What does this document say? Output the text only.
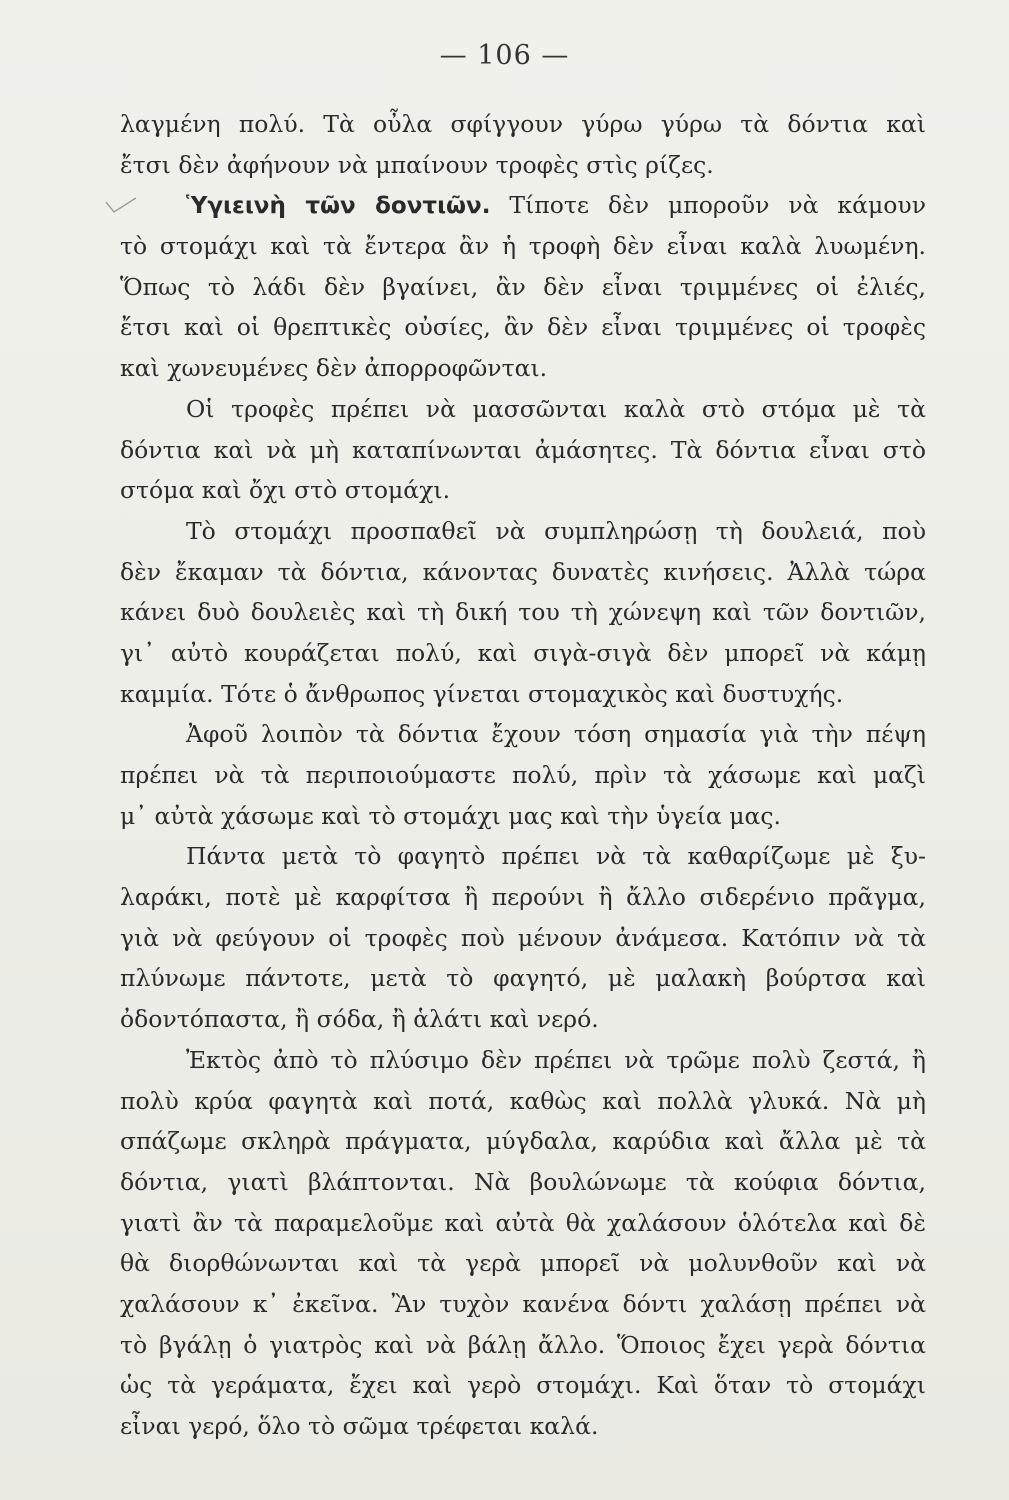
— 106 —
λαγμένη πολύ. Τὰ οὖλα σφίγγουν γύρω γύρω τὰ δόντια καὶ
ἔτσι δὲν ἀφήνουν νὰ μπαίνουν τροφὲς στὶς ρίζες.
Ὑγιεινὴ τῶν δοντιῶν. Τίποτε δὲν μποροῦν νὰ κάμουν
τὸ στομάχι καὶ τὰ ἔντερα ἂν ἡ τροφὴ δὲν εἶναι καλὰ λυωμένη.
Ὅπως τὸ λάδι δὲν βγαίνει, ἂν δὲν εἶναι τριμμένες οἱ ἐλιές,
ἔτσι καὶ οἱ θρεπτικὲς οὐσίες, ἂν δὲν εἶναι τριμμένες οἱ τροφὲς
καὶ χωνευμένες δὲν ἀπορροφῶνται.
Οἱ τροφὲς πρέπει νὰ μασσῶνται καλὰ στὸ στόμα μὲ τὰ
δόντια καὶ νὰ μὴ καταπίνωνται ἀμάσητες. Τὰ δόντια εἶναι στὸ
στόμα καὶ ὄχι στὸ στομάχι.
Τὸ στομάχι προσπαθεῖ νὰ συμπληρώσῃ τὴ δουλειά, ποὺ
δὲν ἔκαμαν τὰ δόντια, κάνοντας δυνατὲς κινήσεις. Ἀλλὰ τώρα
κάνει δυὸ δουλειὲς καὶ τὴ δική του τὴ χώνεψη καὶ τῶν δοντιῶν,
γι᾽ αὐτὸ κουράζεται πολύ, καὶ σιγὰ-σιγὰ δὲν μπορεῖ νὰ κάμῃ
καμμία. Τότε ὁ ἄνθρωπος γίνεται στομαχικὸς καὶ δυστυχής.
Ἀφοῦ λοιπὸν τὰ δόντια ἔχουν τόση σημασία γιὰ τὴν πέψη
πρέπει νὰ τὰ περιποιούμαστε πολύ, πρὶν τὰ χάσωμε καὶ μαζὶ
μ᾽ αὐτὰ χάσωμε καὶ τὸ στομάχι μας καὶ τὴν ὑγεία μας.
Πάντα μετὰ τὸ φαγητὸ πρέπει νὰ τὰ καθαρίζωμε μὲ ξυ-
λαράκι, ποτὲ μὲ καρφίτσα ἢ περούνι ἢ ἄλλο σιδερένιο πρᾶγμα,
γιὰ νὰ φεύγουν οἱ τροφὲς ποὺ μένουν ἀνάμεσα. Κατόπιν νὰ τὰ
πλύνωμε πάντοτε, μετὰ τὸ φαγητό, μὲ μαλακὴ βούρτσα καὶ
ὀδοντόπαστα, ἢ σόδα, ἢ ἁλάτι καὶ νερό.
Ἐκτὸς ἀπὸ τὸ πλύσιμο δὲν πρέπει νὰ τρῶμε πολὺ ζεστά, ἢ
πολὺ κρύα φαγητὰ καὶ ποτά, καθὼς καὶ πολλὰ γλυκά. Νὰ μὴ
σπάζωμε σκληρὰ πράγματα, μύγδαλα, καρύδια καὶ ἄλλα μὲ τὰ
δόντια, γιατὶ βλάπτονται. Νὰ βουλώνωμε τὰ κούφια δόντια,
γιατὶ ἂν τὰ παραμελοῦμε καὶ αὐτὰ θὰ χαλάσουν ὁλότελα καὶ δὲ
θὰ διορθώνωνται καὶ τὰ γερὰ μπορεῖ νὰ μολυνθοῦν καὶ νὰ
χαλάσουν κ᾽ ἐκεῖνα. Ἂν τυχὸν κανένα δόντι χαλάσῃ πρέπει νὰ
τὸ βγάλῃ ὁ γιατρὸς καὶ νὰ βάλῃ ἄλλο. Ὅποιος ἔχει γερὰ δόντια
ὡς τὰ γεράματα, ἔχει καὶ γερὸ στομάχι. Καὶ ὅταν τὸ στομάχι
εἶναι γερό, ὅλο τὸ σῶμα τρέφεται καλά.
